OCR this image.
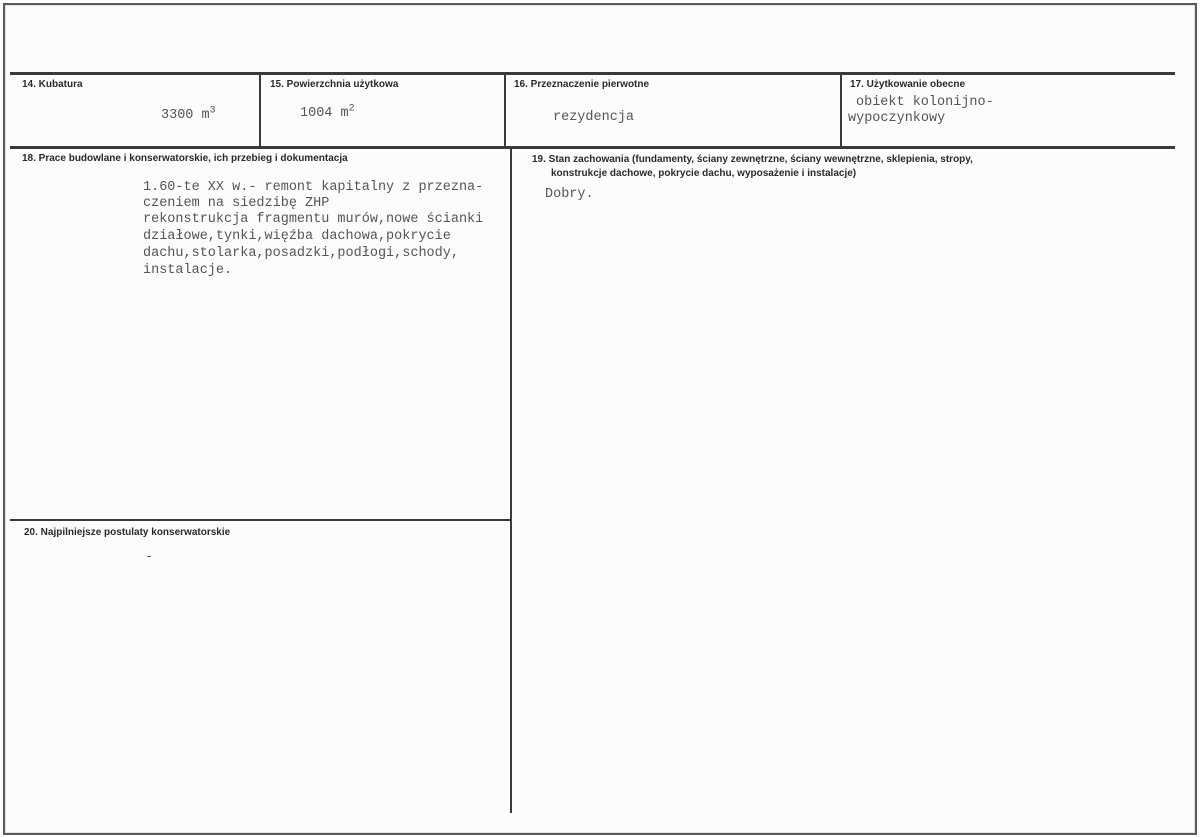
14. Kubatura
3300 $m^3$
15. Powierzchnia użytkowa
1004 $m^2$
16. Przeznaczenie pierwotne
rezydencja
17. Użytkowanie obecne
obiekt kolonijno-
wypoczynkowy
18. Prace budowlane i konserwatorskie, ich przebieg i dokumentacja
1.60-te XX w.- remont kapitalny z przezna-
czeniem na siedzibę ZHP
rekonstrukcja fragmentu murów,nowe ścianki
działowe,tynki,więźba dachowa,pokrycie
dachu,stolarka,posadzki,podłogi,schody,
instalacje.
19. Stan zachowania (fundamenty, ściany zewnętrzne, ściany wewnętrzne, sklepienia, stropy,
konstrukcje dachowe, pokrycie dachu, wyposażenie i instalacje)
Dobry.
20. Najpilniejsze postulaty konserwatorskie
-
